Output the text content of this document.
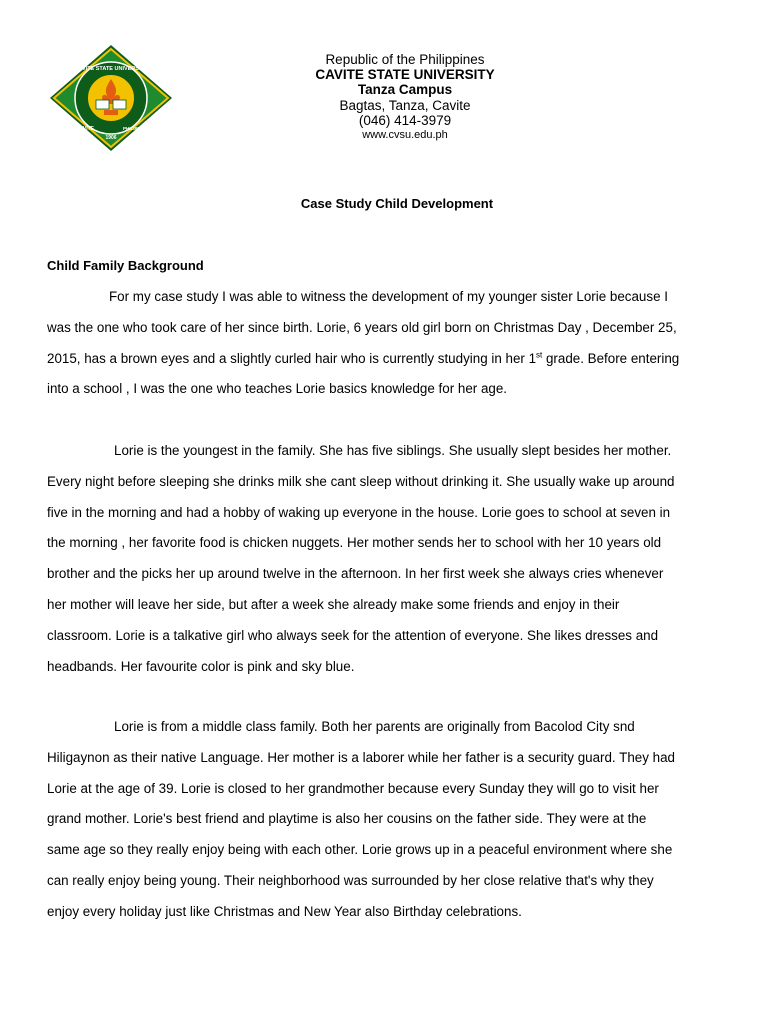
CAVITE STATE UNIVERSITY
CAVITE	PHILIPPINES
1906
Republic of the Philippines
CAVITE STATE UNIVERSITY
Tanza Campus
Bagtas, Tanza, Cavite
(046) 414-3979
www.cvsu.edu.ph
Case Study Child Development
Child Family Background
For my case study I was able to witness the development of my younger sister Lorie because I
was the one who took care of her since birth. Lorie, 6 years old girl born on Christmas Day , December 25,
2015, has a brown eyes and a slightly curled hair who is currently studying in her 1st grade. Before entering
into a school , I was the one who teaches Lorie basics knowledge for her age.
Lorie is the youngest in the family. She has five siblings. She usually slept besides her mother.
Every night before sleeping she drinks milk she cant sleep without drinking it. She usually wake up around
five in the morning and had a hobby of waking up everyone in the house. Lorie goes to school at seven in
the morning , her favorite food is chicken nuggets. Her mother sends her to school with her 10 years old
brother and the picks her up around twelve in the afternoon. In her first week she always cries whenever
her mother will leave her side, but after a week she already make some friends and enjoy in their
classroom. Lorie is a talkative girl who always seek for the attention of everyone. She likes dresses and
headbands. Her favourite color is pink and sky blue.
Lorie is from a middle class family. Both her parents are originally from Bacolod City snd
Hiligaynon as their native Language. Her mother is a laborer while her father is a security guard. They had
Lorie at the age of 39. Lorie is closed to her grandmother because every Sunday they will go to visit her
grand mother. Lorie's best friend and playtime is also her cousins on the father side. They were at the
same age so they really enjoy being with each other. Lorie grows up in a peaceful environment where she
can really enjoy being young. Their neighborhood was surrounded by her close relative that's why they
enjoy every holiday just like Christmas and New Year also Birthday celebrations.
